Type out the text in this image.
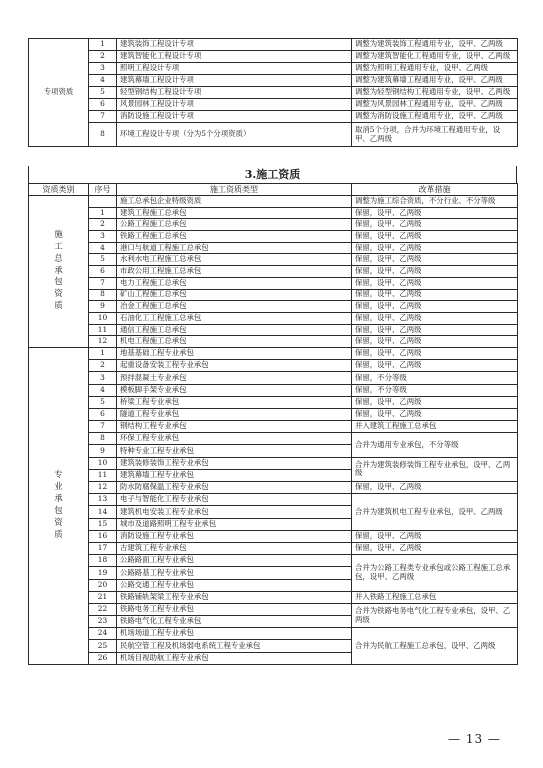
专项资质	1	建筑装饰工程设计专项	调整为建筑装饰工程通用专业，设甲、乙两级
	2	建筑智能化工程设计专项	调整为建筑智能化工程通用专业，设甲、乙两级
	3	照明工程设计专项	调整为照明工程通用专业，设甲、乙两级
	4	建筑幕墙工程设计专项	调整为建筑幕墙工程通用专业，设甲、乙两级
	5	轻型钢结构工程设计专项	调整为轻型钢结构工程通用专业，设甲、乙两级
	6	风景园林工程设计专项	调整为风景园林工程通用专业，设甲、乙两级
	7	消防设施工程设计专项	调整为消防设施工程通用专业，设甲、乙两级
	8	环境工程设计专项（分为5个分项资质）	取消5个分项，合并为环境工程通用专业，设甲、乙两级
3.施工资质
资质类别	序号	施工资质类型	改革措施
施工总承包资质		施工总承包企业特级资质	调整为施工综合资质，不分行业、不分等级
	1	建筑工程施工总承包	保留，设甲、乙两级
	2	公路工程施工总承包	保留，设甲、乙两级
	3	铁路工程施工总承包	保留，设甲、乙两级
	4	港口与航道工程施工总承包	保留，设甲、乙两级
	5	水利水电工程施工总承包	保留，设甲、乙两级
	6	市政公用工程施工总承包	保留，设甲、乙两级
	7	电力工程施工总承包	保留，设甲、乙两级
	8	矿山工程施工总承包	保留，设甲、乙两级
	9	冶金工程施工总承包	保留，设甲、乙两级
	10	石油化工工程施工总承包	保留，设甲、乙两级
	11	通信工程施工总承包	保留，设甲、乙两级
	12	机电工程施工总承包	保留，设甲、乙两级
专业承包资质	1	地基基础工程专业承包	保留，设甲、乙两级
	2	起重设备安装工程专业承包	保留，设甲、乙两级
	3	预拌混凝土专业承包	保留，不分等级
	4	模板脚手架专业承包	保留，不分等级
	5	桥梁工程专业承包	保留，设甲、乙两级
	6	隧道工程专业承包	保留，设甲、乙两级
	7	钢结构工程专业承包	并入建筑工程施工总承包
	8	环保工程专业承包	合并为通用专业承包，不分等级
	9	特种专业工程专业承包	
	10	建筑装修装饰工程专业承包	合并为建筑装修装饰工程专业承包，设甲、乙两级
	11	建筑幕墙工程专业承包	
	12	防水防腐保温工程专业承包	保留，设甲、乙两级
	13	电子与智能化工程专业承包	合并为建筑机电工程专业承包，设甲、乙两级
	14	建筑机电安装工程专业承包	
	15	城市及道路照明工程专业承包	
	16	消防设施工程专业承包	保留，设甲、乙两级
	17	古建筑工程专业承包	保留，设甲、乙两级
	18	公路路面工程专业承包	合并为公路工程类专业承包或公路工程施工总承包，设甲、乙两级
	19	公路路基工程专业承包	
	20	公路交通工程专业承包	
	21	铁路铺轨架梁工程专业承包	并入铁路工程施工总承包
	22	铁路电务工程专业承包	合并为铁路电务电气化工程专业承包，设甲、乙两级
	23	铁路电气化工程专业承包	
	24	机场场道工程专业承包	合并为民航工程施工总承包，设甲、乙两级
	25	民航空管工程及机场弱电系统工程专业承包	
	26	机场目视助航工程专业承包	
— 13 —
